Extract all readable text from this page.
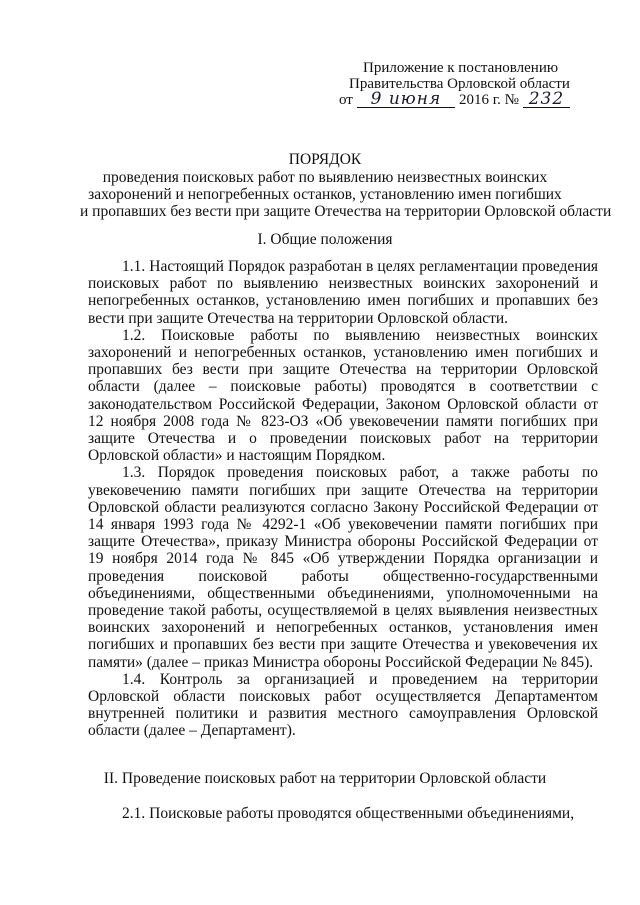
Приложение к постановлению
Правительства Орловской области
от 9 июня 2016 г. № 232
ПОРЯДОК
проведения поисковых работ по выявлению неизвестных воинских
захоронений и непогребенных останков, установлению имен погибших
и пропавших без вести при защите Отечества на территории Орловской области
I. Общие положения

1.1. Настоящий Порядок разработан в целях регламентации проведения поисковых работ по выявлению неизвестных воинских захоронений и непогребенных останков, установлению имен погибших и пропавших без вести при защите Отечества на территории Орловской области.

1.2. Поисковые работы по выявлению неизвестных воинских захоронений и непогребенных останков, установлению имен погибших и пропавших без вести при защите Отечества на территории Орловской области (далее – поисковые работы) проводятся в соответствии с законодательством Российской Федерации, Законом Орловской области от 12 ноября 2008 года № 823-ОЗ «Об увековечении памяти погибших при защите Отечества и о проведении поисковых работ на территории Орловской области» и настоящим Порядком.

1.3. Порядок проведения поисковых работ, а также работы по увековечению памяти погибших при защите Отечества на территории Орловской области реализуются согласно Закону Российской Федерации от 14 января 1993 года № 4292-1 «Об увековечении памяти погибших при защите Отечества», приказу Министра обороны Российской Федерации от 19 ноября 2014 года № 845 «Об утверждении Порядка организации и проведения поисковой работы общественно-государственными объединениями, общественными объединениями, уполномоченными на проведение такой работы, осуществляемой в целях выявления неизвестных воинских захоронений и непогребенных останков, установления имен погибших и пропавших без вести при защите Отечества и увековечения их памяти» (далее – приказ Министра обороны Российской Федерации № 845).

1.4. Контроль за организацией и проведением на территории Орловской области поисковых работ осуществляется Департаментом внутренней политики и развития местного самоуправления Орловской области (далее – Департамент).

II. Проведение поисковых работ на территории Орловской области

2.1. Поисковые работы проводятся общественными объединениями,
